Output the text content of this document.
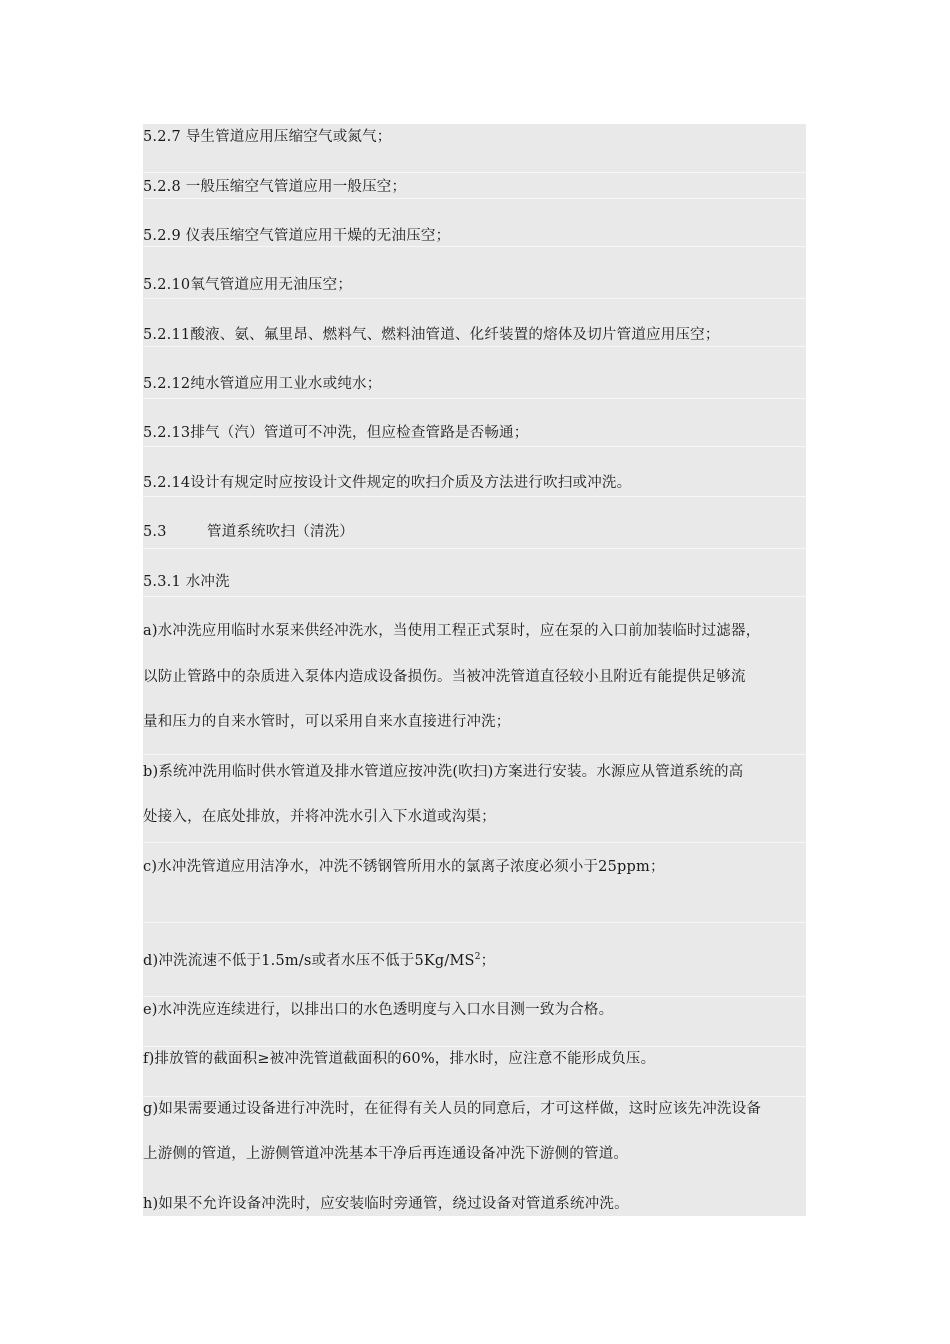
5.2.7 导生管道应用压缩空气或氮气；
5.2.8 一般压缩空气管道应用一般压空；
5.2.9 仪表压缩空气管道应用干燥的无油压空；
5.2.10氧气管道应用无油压空；
5.2.11酸液、氨、氟里昂、燃料气、燃料油管道、化纤装置的熔体及切片管道应用压空；
5.2.12纯水管道应用工业水或纯水；
5.2.13排气（汽）管道可不冲洗，但应检查管路是否畅通；
5.2.14设计有规定时应按设计文件规定的吹扫介质及方法进行吹扫或冲洗。
5.3	管道系统吹扫（清洗）
5.3.1 水冲洗
a)水冲洗应用临时水泵来供经冲洗水，当使用工程正式泵时，应在泵的入口前加装临时过滤器，
以防止管路中的杂质进入泵体内造成设备损伤。当被冲洗管道直径较小且附近有能提供足够流
量和压力的自来水管时，可以采用自来水直接进行冲洗；
b)系统冲洗用临时供水管道及排水管道应按冲洗(吹扫)方案进行安装。水源应从管道系统的高
处接入，在底处排放，并将冲洗水引入下水道或沟渠；
c)水冲洗管道应用洁净水，冲洗不锈钢管所用水的氯离子浓度必须小于25ppm；
d)冲洗流速不低于1.5m/s或者水压不低于$5Kg/MS^2$；
e)水冲洗应连续进行，以排出口的水色透明度与入口水目测一致为合格。
f)排放管的截面积≥被冲洗管道截面积的60%，排水时，应注意不能形成负压。
g)如果需要通过设备进行冲洗时，在征得有关人员的同意后，才可这样做，这时应该先冲洗设备
上游侧的管道，上游侧管道冲洗基本干净后再连通设备冲洗下游侧的管道。
h)如果不允许设备冲洗时，应安装临时旁通管，绕过设备对管道系统冲洗。
